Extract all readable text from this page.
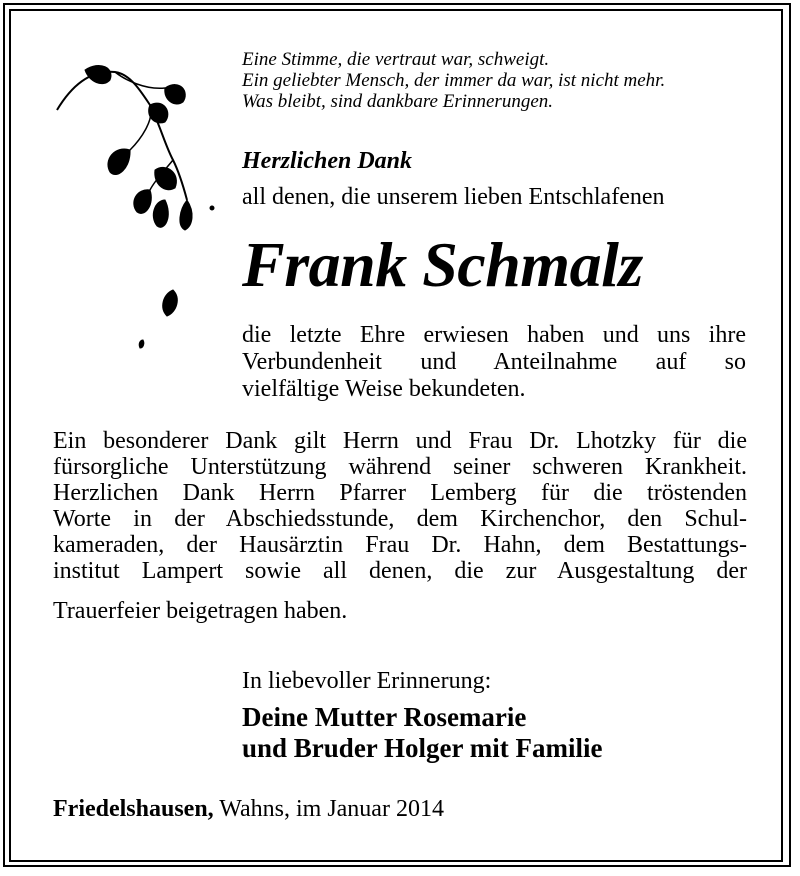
Eine Stimme, die vertraut war, schweigt.

Ein geliebter Mensch, der immer da war, ist nicht mehr.

Was bleibt, sind dankbare Erinnerungen.

Herzlichen Dank

all denen, die unserem lieben Entschlafenen

Frank Schmalz

die letzte Ehre erwiesen haben und uns ihre

Verbundenheit und Anteilnahme auf so

vielfältige Weise bekundeten.

Ein besonderer Dank gilt Herrn und Frau Dr. Lhotzky für die

fürsorgliche Unterstützung während seiner schweren Krankheit.

Herzlichen Dank Herrn Pfarrer Lemberg für die tröstenden

Worte in der Abschiedsstunde, dem Kirchenchor, den Schul-

kameraden, der Hausärztin Frau Dr. Hahn, dem Bestattungs-

institut Lampert sowie all denen, die zur Ausgestaltung der

Trauerfeier beigetragen haben.

In liebevoller Erinnerung:

Deine Mutter Rosemarie

und Bruder Holger mit Familie

Friedelshausen, Wahns, im Januar 2014
